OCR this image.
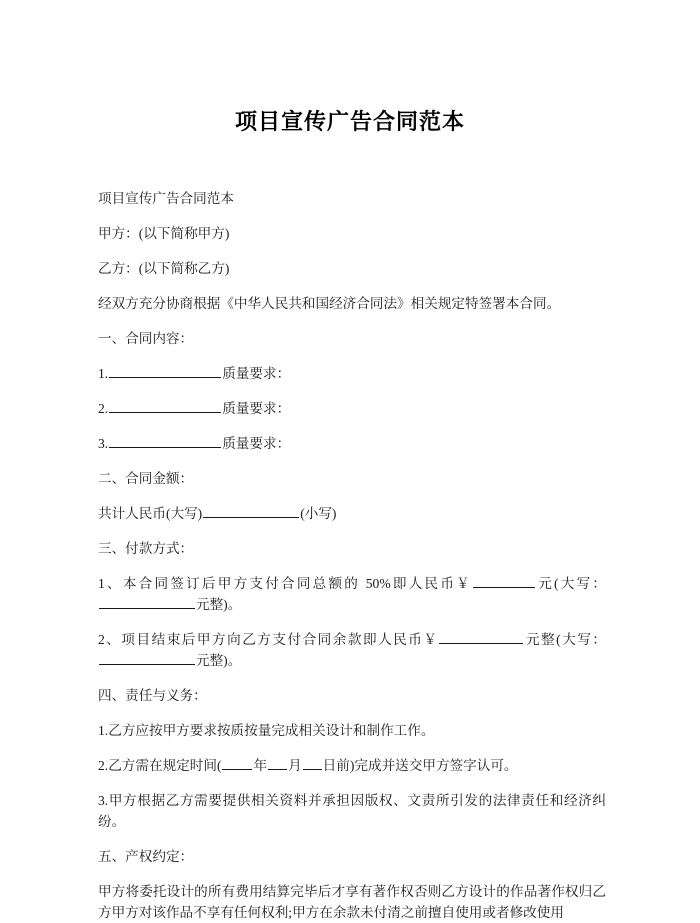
项目宣传广告合同范本

项目宣传广告合同范本

甲方：(以下简称甲方)

乙方：(以下简称乙方)

经双方充分协商根据《中华人民共和国经济合同法》相关规定特签署本合同。

一、合同内容：

1.	质量要求：

2.	质量要求：

3.	质量要求：

二、合同金额：

共计人民币(大写)	(小写)

三、付款方式：

1、本合同签订后甲方支付合同总额的 50%即人民币￥	元(大写：元整)。

2、项目结束后甲方向乙方支付合同余款即人民币￥	元整(大写：元整)。

四、责任与义务：

1.乙方应按甲方要求按质按量完成相关设计和制作工作。

2.乙方需在规定时间( 年 月 日前)完成并送交甲方签字认可。

3.甲方根据乙方需要提供相关资料并承担因版权、文责所引发的法律责任和经济纠纷。

五、产权约定：

甲方将委托设计的所有费用结算完毕后才享有著作权否则乙方设计的作品著作权归乙方甲方对该作品不享有任何权利;甲方在余款未付清之前擅自使用或者修改使用
